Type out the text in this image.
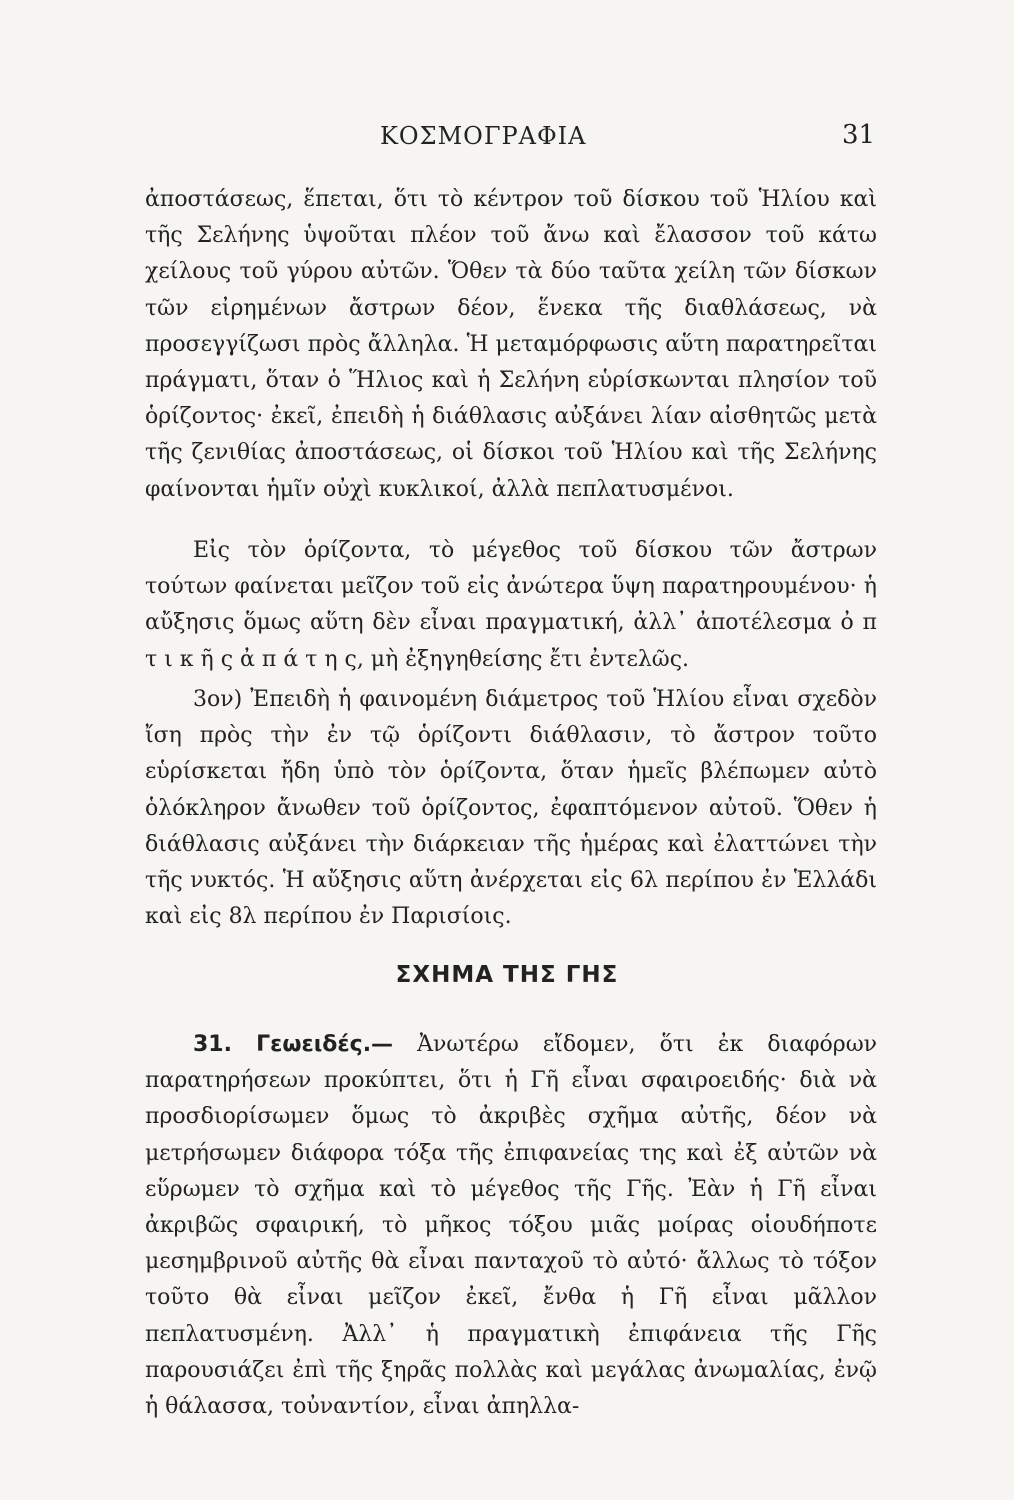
ΚΟΣΜΟΓΡΑΦΙΑ	31
ἀποστάσεως, ἕπεται, ὅτι τὸ κέντρον τοῦ δίσκου τοῦ Ἡλίου καὶ τῆς Σελήνης ὑψοῦται πλέον τοῦ ἄνω καὶ ἔλασσον τοῦ κάτω χείλους τοῦ γύρου αὐτῶν. Ὅθεν τὰ δύο ταῦτα χείλη τῶν δίσκων τῶν εἰρημένων ἄστρων δέον, ἕνεκα τῆς διαθλάσεως, νὰ προσεγγίζωσι πρὸς ἄλληλα. Ἡ μεταμόρφωσις αὕτη παρατηρεῖται πράγματι, ὅταν ὁ Ἥλιος καὶ ἡ Σελήνη εὑρίσκωνται πλησίον τοῦ ὁρίζοντος· ἐκεῖ, ἐπειδὴ ἡ διάθλασις αὐξάνει λίαν αἰσθητῶς μετὰ τῆς ζενιθίας ἀποστάσεως, οἱ δίσκοι τοῦ Ἡλίου καὶ τῆς Σελήνης φαίνονται ἡμῖν οὐχὶ κυκλικοί, ἀλλὰ πεπλατυσμένοι.
Εἰς τὸν ὁρίζοντα, τὸ μέγεθος τοῦ δίσκου τῶν ἄστρων τούτων φαίνεται μεῖζον τοῦ εἰς ἀνώτερα ὕψη παρατηρουμένου· ἡ αὔξησις ὅμως αὕτη δὲν εἶναι πραγματική, ἀλλ᾽ ἀποτέλεσμα ὀ π τ ι κ ῆ ς ἀ π ά τ η ς, μὴ ἐξηγηθείσης ἔτι ἐντελῶς.
3ον) Ἐπειδὴ ἡ φαινομένη διάμετρος τοῦ Ἡλίου εἶναι σχεδὸν ἴση πρὸς τὴν ἐν τῷ ὁρίζοντι διάθλασιν, τὸ ἄστρον τοῦτο εὑρίσκεται ἤδη ὑπὸ τὸν ὁρίζοντα, ὅταν ἡμεῖς βλέπωμεν αὐτὸ ὁλόκληρον ἄνωθεν τοῦ ὁρίζοντος, ἐφαπτόμενον αὐτοῦ. Ὅθεν ἡ διάθλασις αὐξάνει τὴν διάρκειαν τῆς ἡμέρας καὶ ἐλαττώνει τὴν τῆς νυκτός. Ἡ αὔξησις αὕτη ἀνέρχεται εἰς 6λ περίπου ἐν Ἑλλάδι καὶ εἰς 8λ περίπου ἐν Παρισίοις.
ΣΧΗΜΑ ΤΗΣ ΓΗΣ
31. Γεωειδές.— Ἀνωτέρω εἴδομεν, ὅτι ἐκ διαφόρων παρατηρήσεων προκύπτει, ὅτι ἡ Γῆ εἶναι σφαιροειδής· διὰ νὰ προσδιορίσωμεν ὅμως τὸ ἀκριβὲς σχῆμα αὐτῆς, δέον νὰ μετρήσωμεν διάφορα τόξα τῆς ἐπιφανείας της καὶ ἐξ αὐτῶν νὰ εὕρωμεν τὸ σχῆμα καὶ τὸ μέγεθος τῆς Γῆς. Ἐὰν ἡ Γῆ εἶναι ἀκριβῶς σφαιρική, τὸ μῆκος τόξου μιᾶς μοίρας οἱουδήποτε μεσημβρινοῦ αὐτῆς θὰ εἶναι πανταχοῦ τὸ αὐτό· ἄλλως τὸ τόξον τοῦτο θὰ εἶναι μεῖζον ἐκεῖ, ἔνθα ἡ Γῆ εἶναι μᾶλλον πεπλατυσμένη. Ἀλλ᾽ ἡ πραγματικὴ ἐπιφάνεια τῆς Γῆς παρουσιάζει ἐπὶ τῆς ξηρᾶς πολλὰς καὶ μεγάλας ἀνωμαλίας, ἐνῷ ἡ θάλασσα, τοὐναντίον, εἶναι ἀπηλλα-
